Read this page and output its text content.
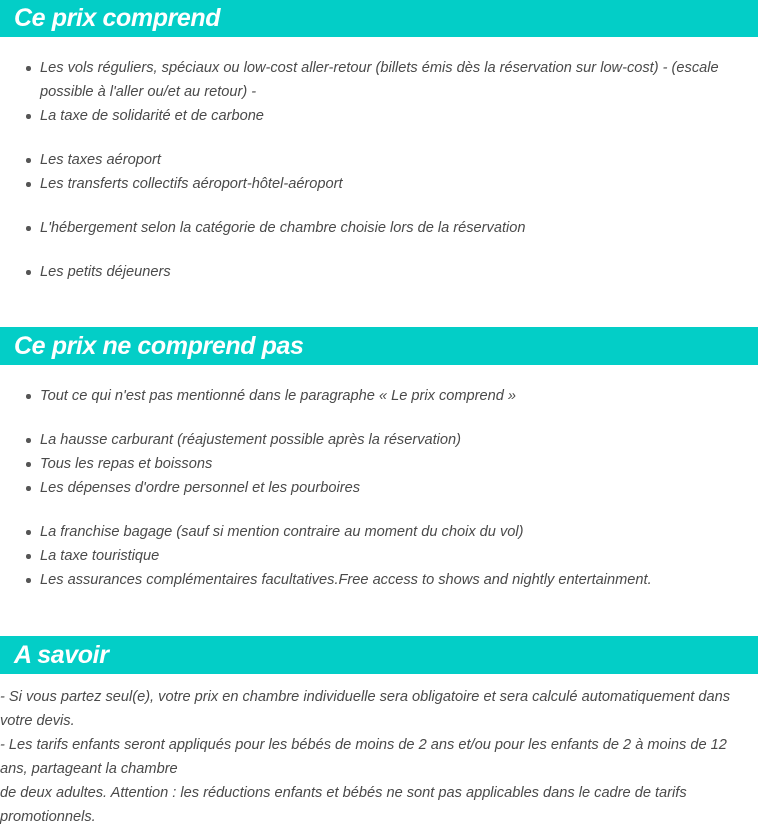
Ce prix comprend
Les vols réguliers, spéciaux ou low-cost aller-retour (billets émis dès la réservation sur low-cost) - (escale possible à l'aller ou/et au retour) -
La taxe de solidarité et de carbone
Les taxes aéroport
Les transferts collectifs aéroport-hôtel-aéroport
L'hébergement selon la catégorie de chambre choisie lors de la réservation
Les petits déjeuners
Ce prix ne comprend pas
Tout ce qui n'est pas mentionné dans le paragraphe « Le prix comprend »
La hausse carburant (réajustement possible après la réservation)
Tous les repas et boissons
Les dépenses d'ordre personnel et les pourboires
La franchise bagage (sauf si mention contraire au moment du choix du vol)
La taxe touristique
Les assurances complémentaires facultatives.Free access to shows and nightly entertainment.
A savoir

- Si vous partez seul(e), votre prix en chambre individuelle sera obligatoire et sera calculé automatiquement dans votre devis.

- Les tarifs enfants seront appliqués pour les bébés de moins de 2 ans et/ou pour les enfants de 2 à moins de 12 ans, partageant la chambre

de deux adultes. Attention : les réductions enfants et bébés ne sont pas applicables dans le cadre de tarifs promotionnels.
